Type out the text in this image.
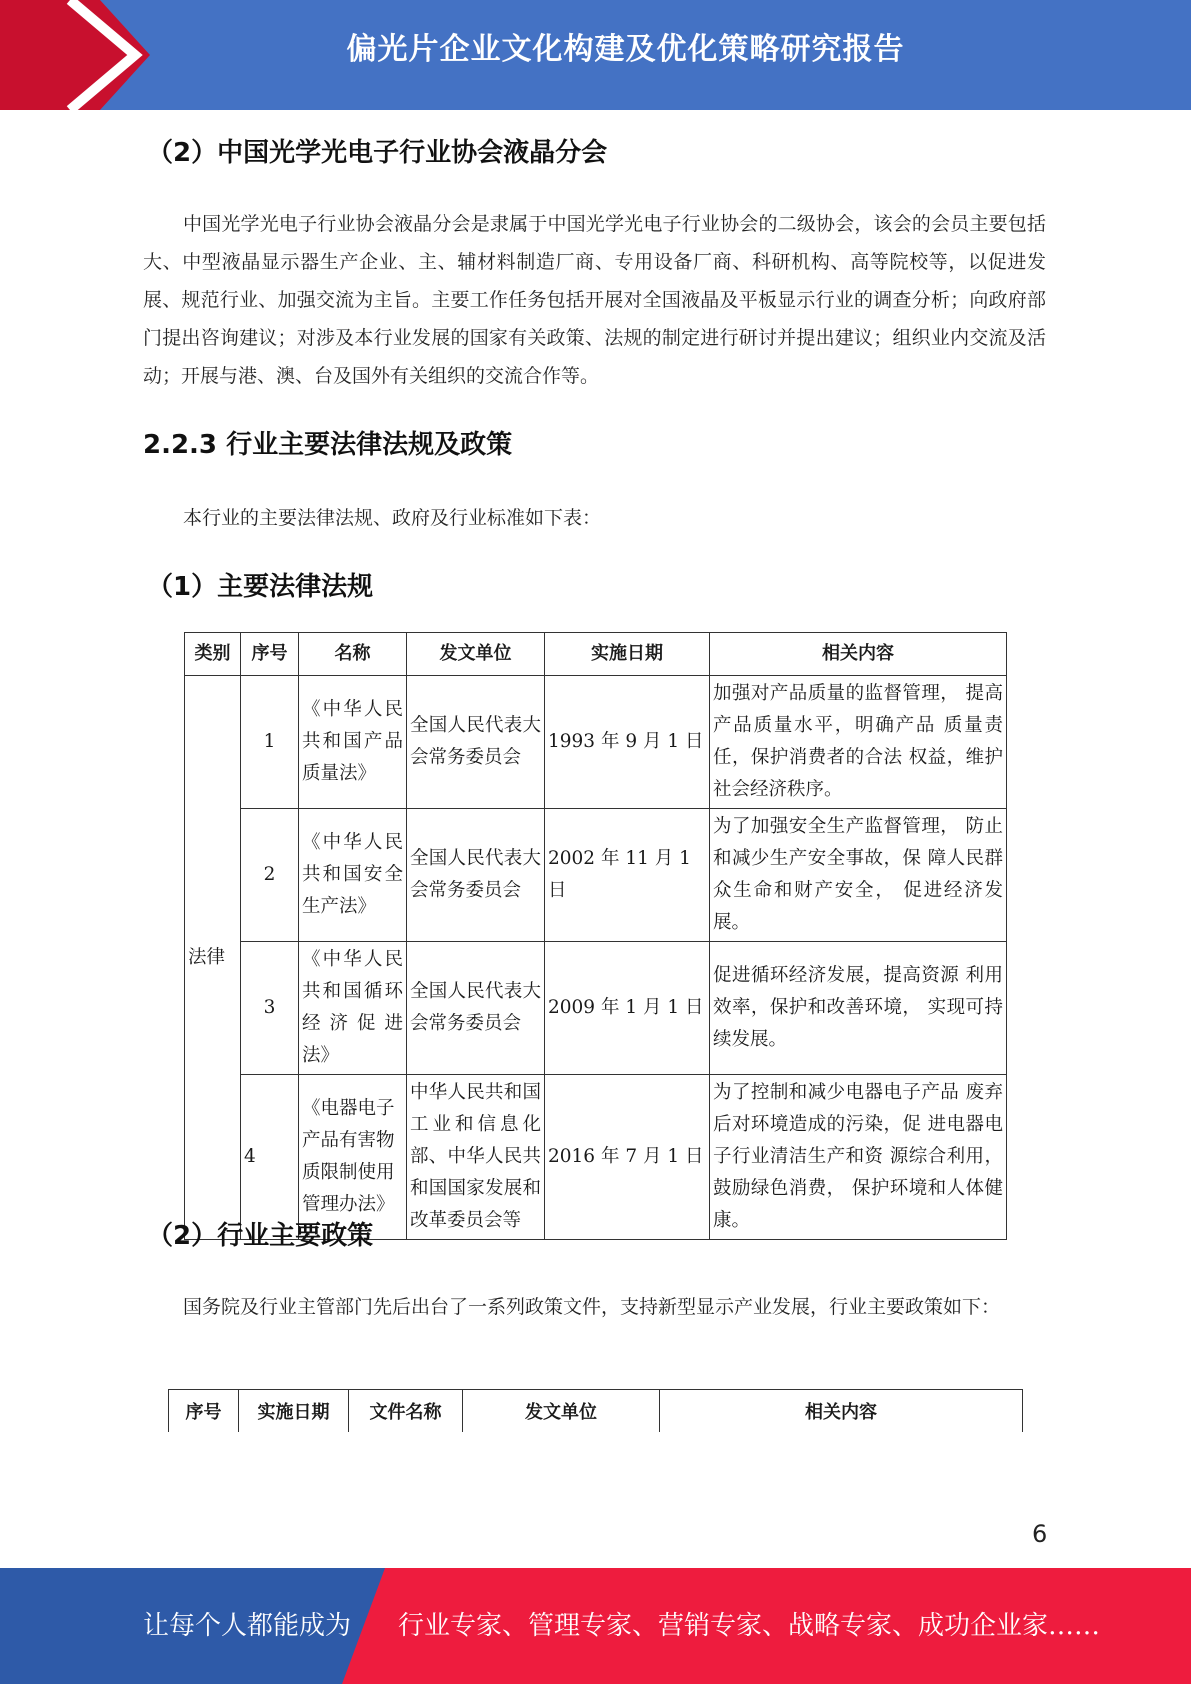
偏光片企业文化构建及优化策略研究报告
（2）中国光学光电子行业协会液晶分会

中国光学光电子行业协会液晶分会是隶属于中国光学光电子行业协会的二级协会，该会的会员主要包括大、中型液晶显示器生产企业、主、辅材料制造厂商、专用设备厂商、科研机构、高等院校等，以促进发展、规范行业、加强交流为主旨。主要工作任务包括开展对全国液晶及平板显示行业的调查分析；向政府部门提出咨询建议；对涉及本行业发展的国家有关政策、法规的制定进行研讨并提出建议；组织业内交流及活动；开展与港、澳、台及国外有关组织的交流合作等。

2.2.3 行业主要法律法规及政策

本行业的主要法律法规、政府及行业标准如下表：

（1）主要法律法规
类别	序号	名称	发文单位	实施日期	相关内容
法律	1	《中华人民共和国产品质量法》	全国人民代表大会常务委员会	1993 年 9 月 1 日	加强对产品质量的监督管理， 提高产品质量水平，明确产品 质量责任，保护消费者的合法 权益，维护社会经济秩序。
	2	《中华人民共和国安全生产法》	全国人民代表大会常务委员会	2002 年 11 月 1 日	为了加强安全生产监督管理， 防止和减少生产安全事故，保 障人民群众生命和财产安全， 促进经济发展。
	3	《中华人民共和国循环经济促进法》	全国人民代表大会常务委员会	2009 年 1 月 1 日	促进循环经济发展，提高资源 利用效率，保护和改善环境， 实现可持续发展。
	4	《电器电子产品有害物质限制使用管理办法》	中华人民共和国工业和信息化部、中华人民共和国国家发展和改革委员会等	2016 年 7 月 1 日	为了控制和减少电器电子产品 废弃后对环境造成的污染，促 进电器电子行业清洁生产和资 源综合利用，鼓励绿色消费， 保护环境和人体健康。
（2）行业主要政策

国务院及行业主管部门先后出台了一系列政策文件，支持新型显示产业发展，行业主要政策如下：

序号	实施日期	文件名称	发文单位	相关内容
6
让每个人都能成为 行业专家、管理专家、营销专家、战略专家、成功企业家……
